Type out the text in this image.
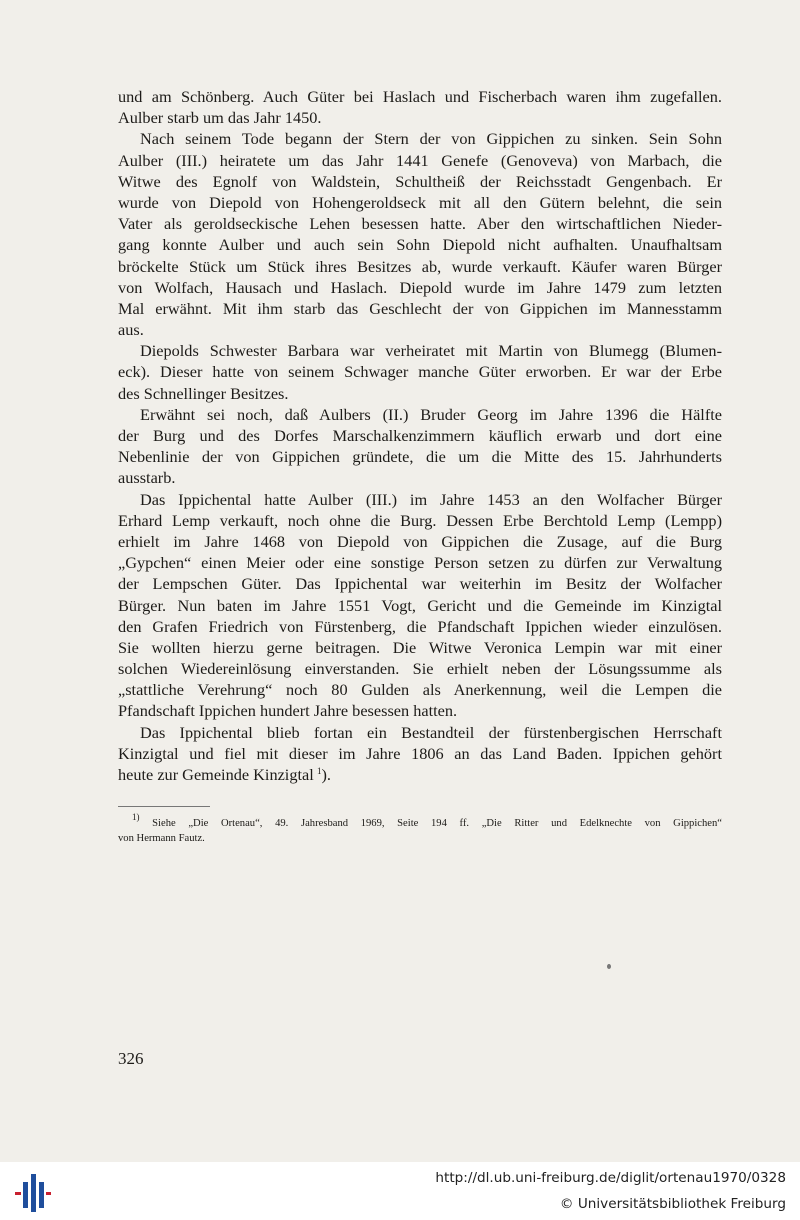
und am Schönberg. Auch Güter bei Haslach und Fischerbach waren ihm zugefallen.
Aulber starb um das Jahr 1450.

Nach seinem Tode begann der Stern der von Gippichen zu sinken. Sein Sohn
Aulber (III.) heiratete um das Jahr 1441 Genefe (Genoveva) von Marbach, die
Witwe des Egnolf von Waldstein, Schultheiß der Reichsstadt Gengenbach. Er
wurde von Diepold von Hohengeroldseck mit all den Gütern belehnt, die sein
Vater als geroldseckische Lehen besessen hatte. Aber den wirtschaftlichen Nieder-
gang konnte Aulber und auch sein Sohn Diepold nicht aufhalten. Unaufhaltsam
bröckelte Stück um Stück ihres Besitzes ab, wurde verkauft. Käufer waren Bürger
von Wolfach, Hausach und Haslach. Diepold wurde im Jahre 1479 zum letzten
Mal erwähnt. Mit ihm starb das Geschlecht der von Gippichen im Mannesstamm
aus.

Diepolds Schwester Barbara war verheiratet mit Martin von Blumegg (Blumen-
eck). Dieser hatte von seinem Schwager manche Güter erworben. Er war der Erbe
des Schnellinger Besitzes.

Erwähnt sei noch, daß Aulbers (II.) Bruder Georg im Jahre 1396 die Hälfte
der Burg und des Dorfes Marschalkenzimmern käuflich erwarb und dort eine
Nebenlinie der von Gippichen gründete, die um die Mitte des 15. Jahrhunderts
ausstarb.

Das Ippichental hatte Aulber (III.) im Jahre 1453 an den Wolfacher Bürger
Erhard Lemp verkauft, noch ohne die Burg. Dessen Erbe Berchtold Lemp (Lempp)
erhielt im Jahre 1468 von Diepold von Gippichen die Zusage, auf die Burg
„Gypchen“ einen Meier oder eine sonstige Person setzen zu dürfen zur Verwaltung
der Lempschen Güter. Das Ippichental war weiterhin im Besitz der Wolfacher
Bürger. Nun baten im Jahre 1551 Vogt, Gericht und die Gemeinde im Kinzigtal
den Grafen Friedrich von Fürstenberg, die Pfandschaft Ippichen wieder einzulösen.
Sie wollten hierzu gerne beitragen. Die Witwe Veronica Lempin war mit einer
solchen Wiedereinlösung einverstanden. Sie erhielt neben der Lösungssumme als
„stattliche Verehrung“ noch 80 Gulden als Anerkennung, weil die Lempen die
Pfandschaft Ippichen hundert Jahre besessen hatten.

Das Ippichental blieb fortan ein Bestandteil der fürstenbergischen Herrschaft
Kinzigtal und fiel mit dieser im Jahre 1806 an das Land Baden. Ippichen gehört
heute zur Gemeinde Kinzigtal  $^1$).

$^{1)}$ Siehe „Die Ortenau“, 49. Jahresband 1969, Seite 194 ff. „Die Ritter und Edelknechte von Gippichen“
von Hermann Fautz.
326
http://dl.ub.uni-freiburg.de/diglit/ortenau1970/0328
© Universitätsbibliothek Freiburg
